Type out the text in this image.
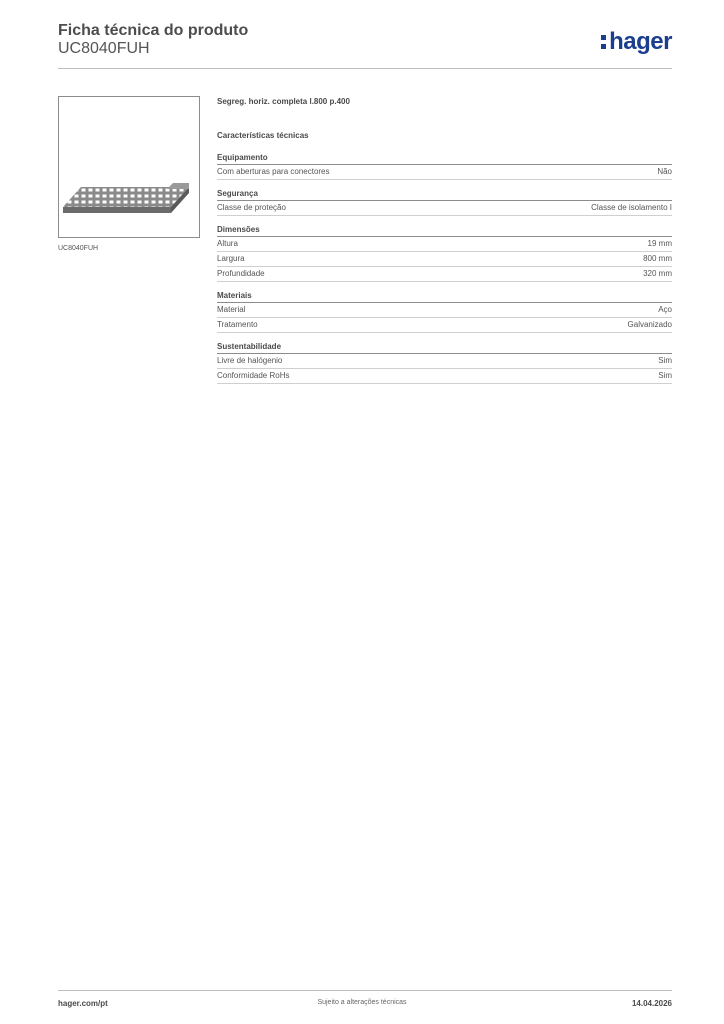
Ficha técnica do produto
UC8040FUH	hager
UC8040FUH
Segreg. horiz. completa l.800 p.400
Características técnicas
Equipamento
Com aberturas para conectores	Não
Segurança
Classe de proteção	Classe de isolamento I
Dimensões
Altura	19 mm
Largura	800 mm
Profundidade	320 mm
Materiais
Material	Aço
Tratamento	Galvanizado
Sustentabilidade
Livre de halógenio	Sim
Conformidade RoHs	Sim
hager.com/pt	Sujeito a alterações técnicas	14.04.2026
